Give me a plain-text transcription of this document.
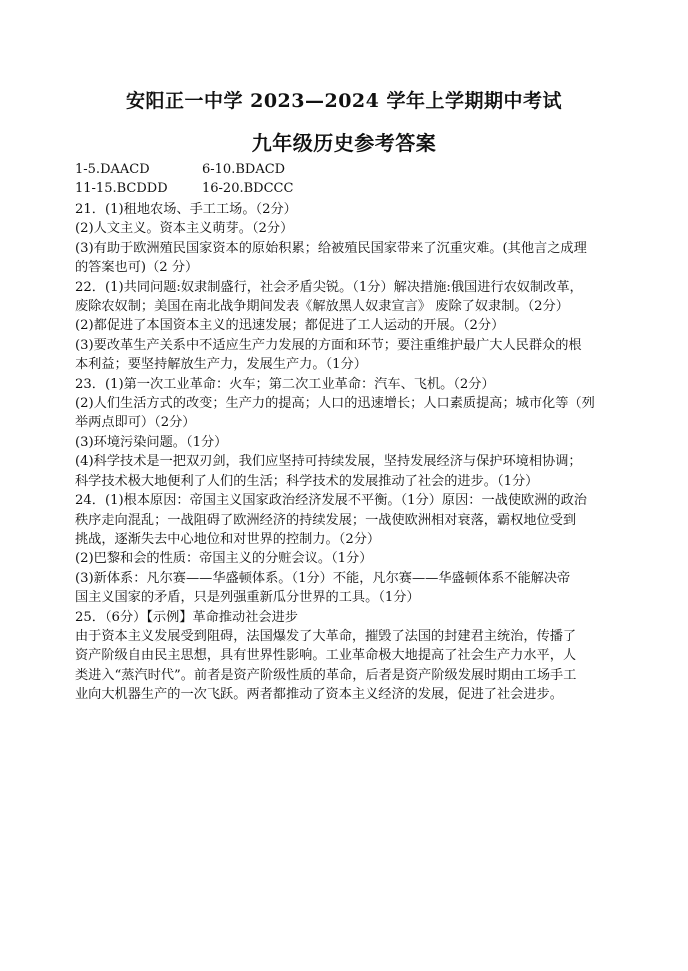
安阳正一中学 2023—2024 学年上学期期中考试
九年级历史参考答案
1-5.DAACD	6-10.BDACD
11-15.BCDDD	16-20.BDCCC
21．(1)租地农场、手工工场。（2分）
(2)人文主义。资本主义萌芽。（2分）
(3)有助于欧洲殖民国家资本的原始积累；给被殖民国家带来了沉重灾难。(其他言之成理
的答案也可)（2 分）
22．(1)共同问题:奴隶制盛行，社会矛盾尖锐。（1分）解决措施:俄国进行农奴制改革，
废除农奴制；美国在南北战争期间发表《解放黑人奴隶宣言》 废除了奴隶制。（2分）
(2)都促进了本国资本主义的迅速发展；都促进了工人运动的开展。（2分）
(3)要改革生产关系中不适应生产力发展的方面和环节；要注重维护最广大人民群众的根
本利益；要坚持解放生产力，发展生产力。（1分）
23．(1)第一次工业革命：火车；第二次工业革命：汽车、飞机。（2分）
(2)人们生活方式的改变；生产力的提高；人口的迅速增长；人口素质提高；城市化等（列
举两点即可）（2分）
(3)环境污染问题。（1分）
(4)科学技术是一把双刃剑，我们应坚持可持续发展，坚持发展经济与保护环境相协调；
科学技术极大地便利了人们的生活；科学技术的发展推动了社会的进步。（1分）
24．(1)根本原因：帝国主义国家政治经济发展不平衡。（1分）原因：一战使欧洲的政治
秩序走向混乱；一战阻碍了欧洲经济的持续发展；一战使欧洲相对衰落，霸权地位受到
挑战，逐渐失去中心地位和对世界的控制力。（2分）
(2)巴黎和会的性质：帝国主义的分赃会议。（1分）
(3)新体系：凡尔赛——华盛顿体系。（1分）不能，凡尔赛——华盛顿体系不能解决帝
国主义国家的矛盾，只是列强重新瓜分世界的工具。（1分）
25．（6分）【示例】革命推动社会进步
由于资本主义发展受到阻碍，法国爆发了大革命，摧毁了法国的封建君主统治，传播了
资产阶级自由民主思想，具有世界性影响。工业革命极大地提高了社会生产力水平，人
类进入“蒸汽时代”。前者是资产阶级性质的革命，后者是资产阶级发展时期由工场手工
业向大机器生产的一次飞跃。两者都推动了资本主义经济的发展，促进了社会进步。
